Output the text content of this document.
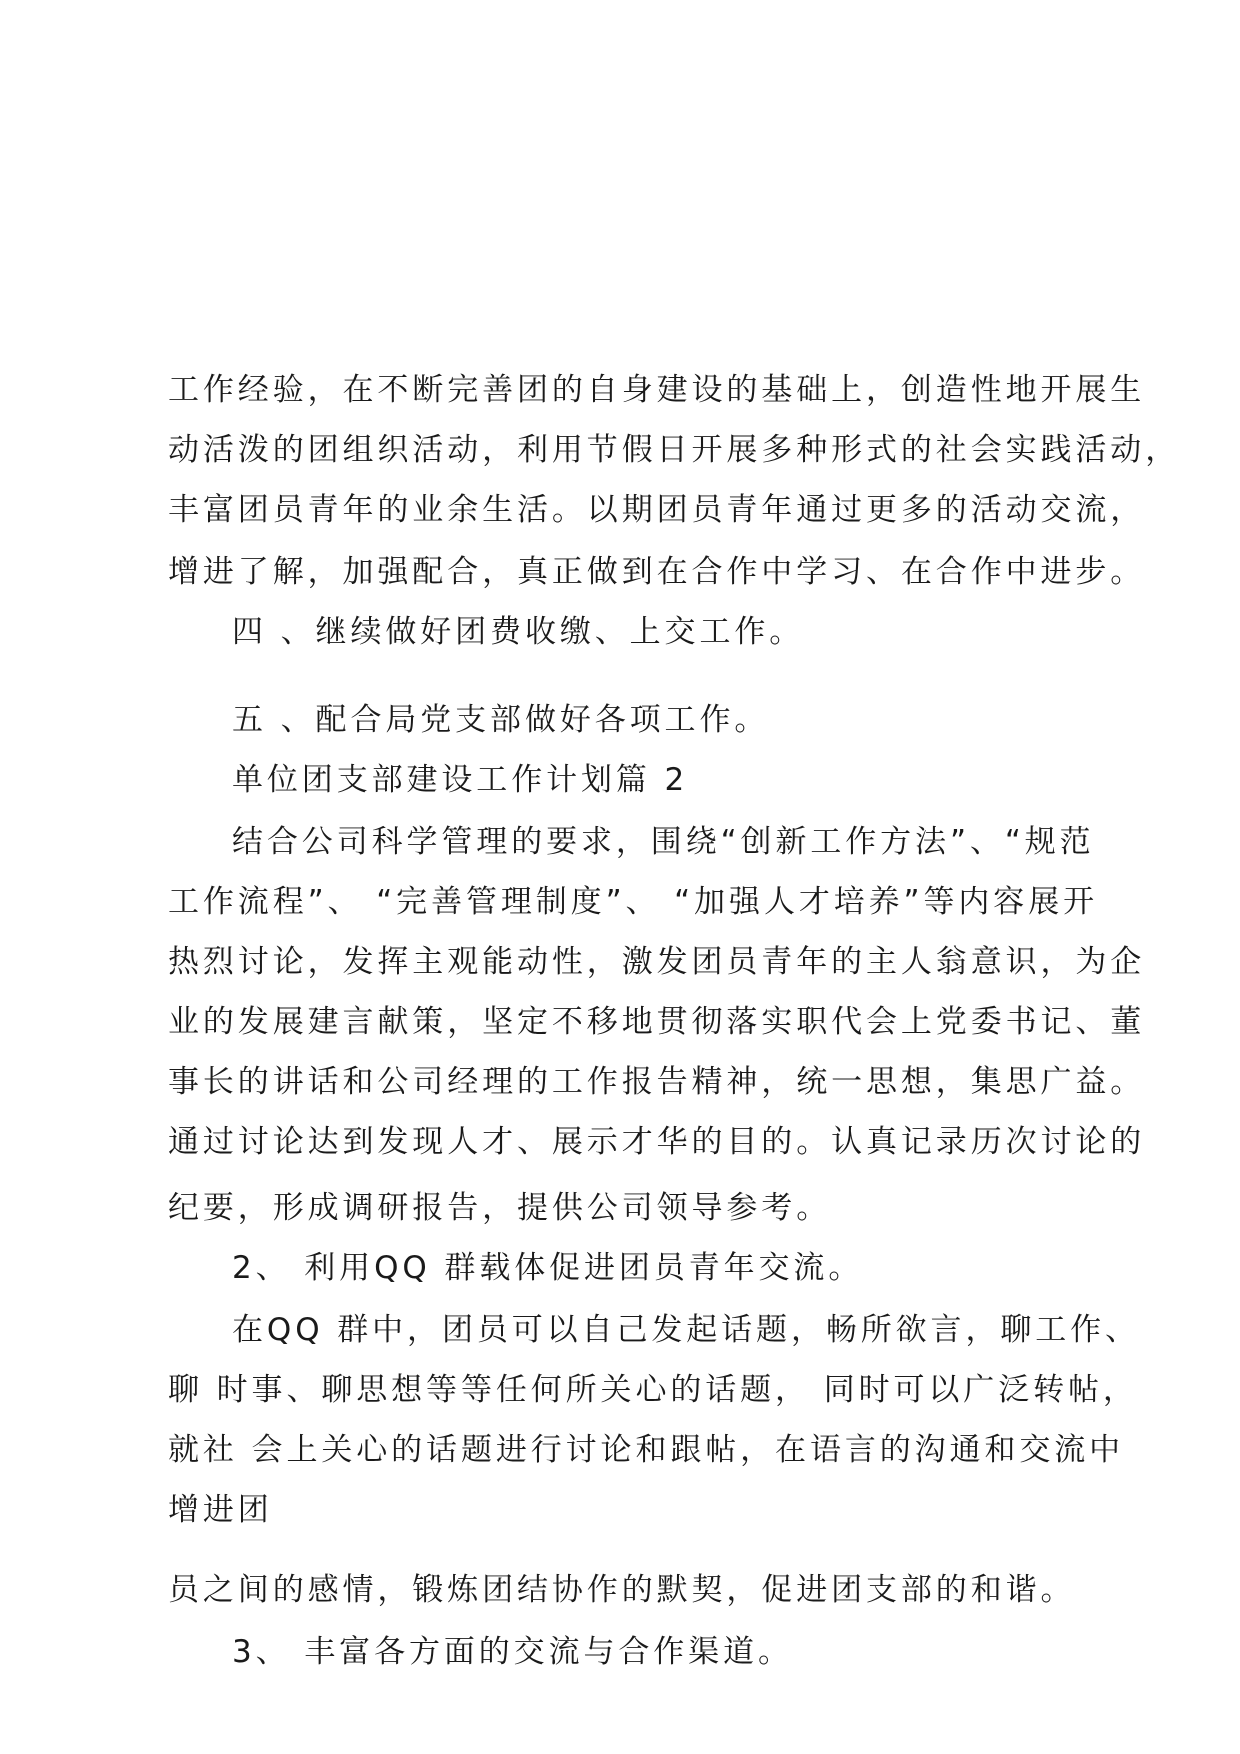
工作经验，在不断完善团的自身建设的基础上，创造性地开展生
动活泼的团组织活动，利用节假日开展多种形式的社会实践活动，
丰富团员青年的业余生活。以期团员青年通过更多的活动交流，
增进了解，加强配合，真正做到在合作中学习、在合作中进步。
四 、继续做好团费收缴、上交工作。
五 、配合局党支部做好各项工作。
单位团支部建设工作计划篇 2
结合公司科学管理的要求，围绕“创新工作方法”、“规范
工作流程”、 “完善管理制度”、 “加强人才培养”等内容展开
热烈讨论，发挥主观能动性，激发团员青年的主人翁意识，为企
业的发展建言献策，坚定不移地贯彻落实职代会上党委书记、董
事长的讲话和公司经理的工作报告精神，统一思想，集思广益。
通过讨论达到发现人才、展示才华的目的。认真记录历次讨论的
纪要，形成调研报告，提供公司领导参考。
2、 利用QQ 群载体促进团员青年交流。
在QQ 群中，团员可以自己发起话题，畅所欲言，聊工作、
聊 时事、聊思想等等任何所关心的话题， 同时可以广泛转帖，
就社 会上关心的话题进行讨论和跟帖，在语言的沟通和交流中
增进团
员之间的感情，锻炼团结协作的默契，促进团支部的和谐。
3、 丰富各方面的交流与合作渠道。
